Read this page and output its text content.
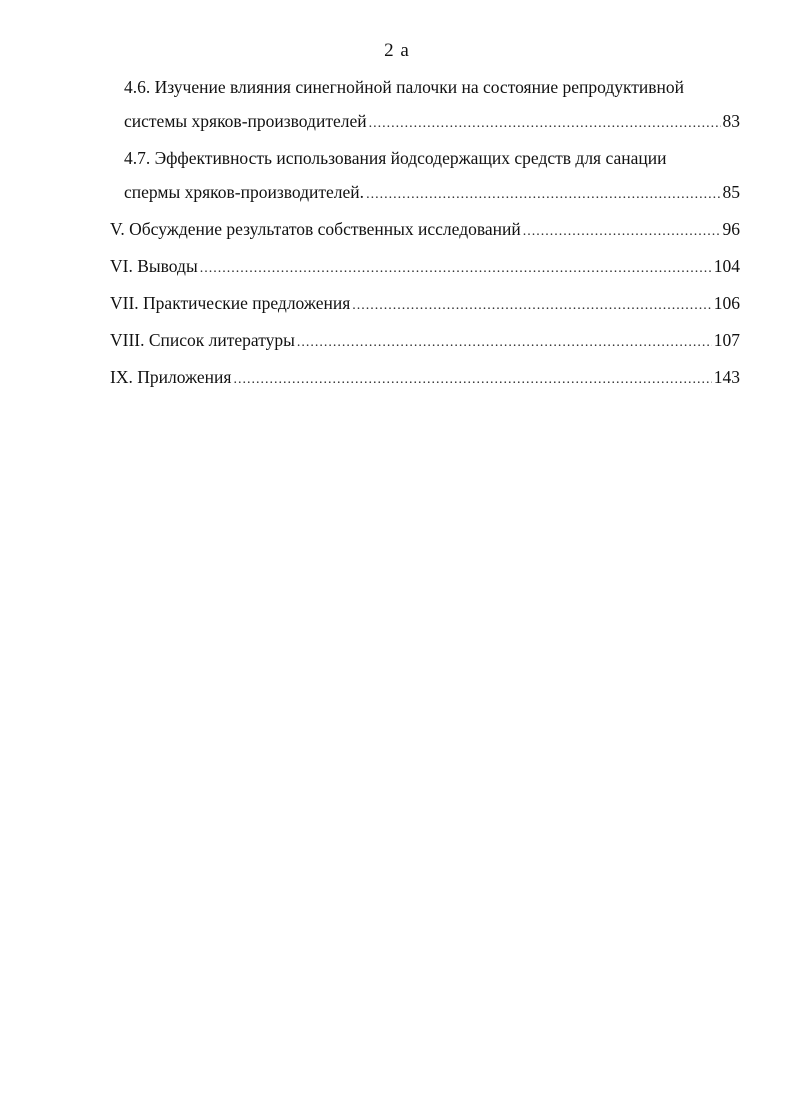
2 а
4.6. Изучение влияния синегнойной палочки на состояние репродуктивной
системы хряков-производителей .....	83
4.7. Эффективность использования йодсодержащих средств для санации
спермы хряков-производителей. .....	85
V. Обсуждение результатов собственных исследований .....	96
VI. Выводы .....	104
VII. Практические предложения .....	106
VIII. Список литературы .....	107
IX. Приложения .....	143
